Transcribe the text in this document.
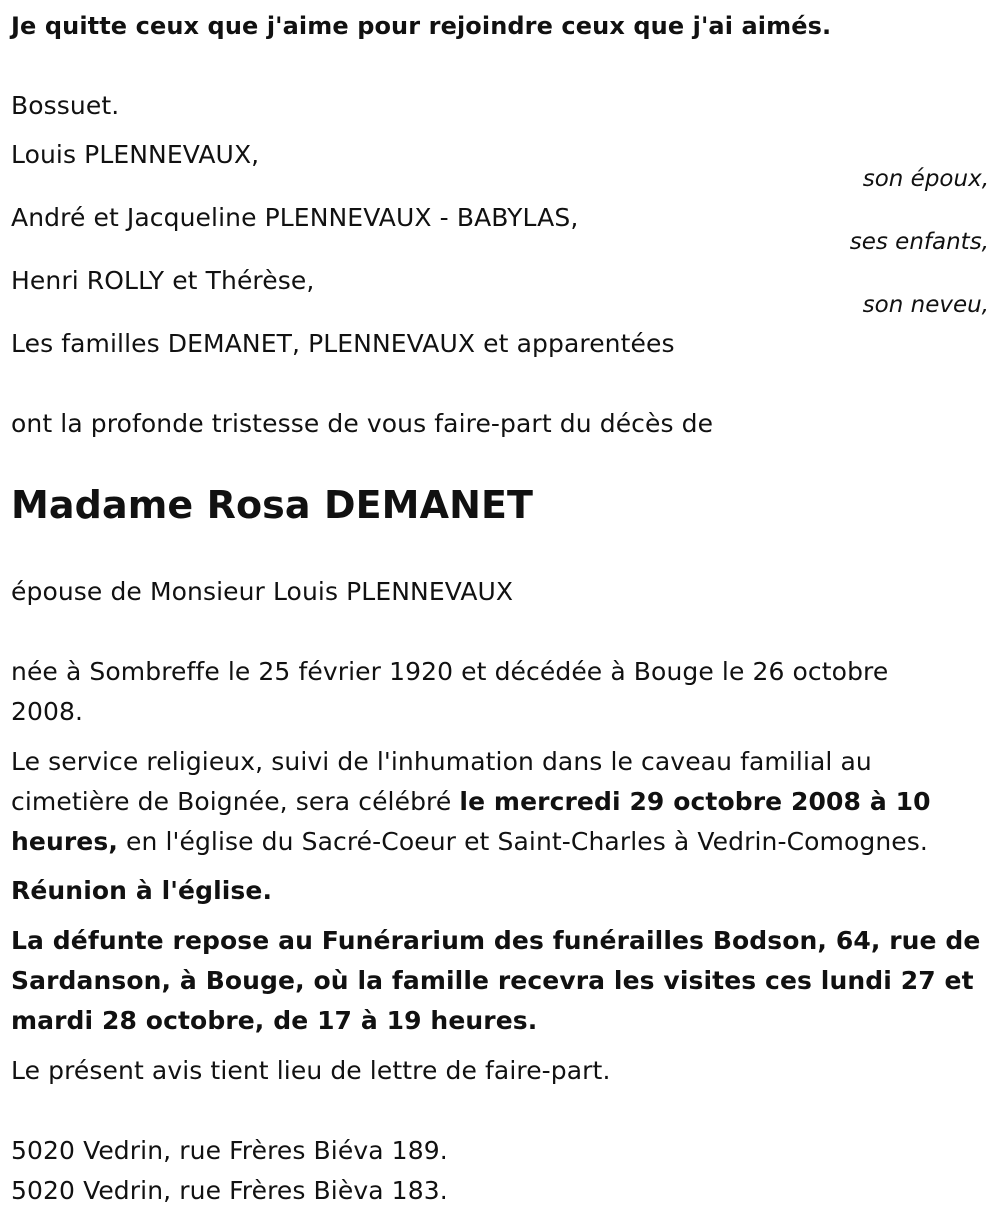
Je quitte ceux que j'aime pour rejoindre ceux que j'ai aimés.
Bossuet.
Louis PLENNEVAUX,
son époux,
André et Jacqueline PLENNEVAUX - BABYLAS,
ses enfants,
Henri ROLLY et Thérèse,
son neveu,
Les familles DEMANET, PLENNEVAUX et apparentées
ont la profonde tristesse de vous faire-part du décès de
Madame Rosa DEMANET
épouse de Monsieur Louis PLENNEVAUX
née à Sombreffe le 25 février 1920 et décédée à Bouge le 26 octobre
2008.
Le service religieux, suivi de l'inhumation dans le caveau familial au
cimetière de Boignée, sera célébré le mercredi 29 octobre 2008 à 10
heures, en l'église du Sacré-Coeur et Saint-Charles à Vedrin-Comognes.
Réunion à l'église.
La défunte repose au Funérarium des funérailles Bodson, 64, rue de
Sardanson, à Bouge, où la famille recevra les visites ces lundi 27 et
mardi 28 octobre, de 17 à 19 heures.
Le présent avis tient lieu de lettre de faire-part.
5020 Vedrin, rue Frères Biéva 189.
5020 Vedrin, rue Frères Bièva 183.
